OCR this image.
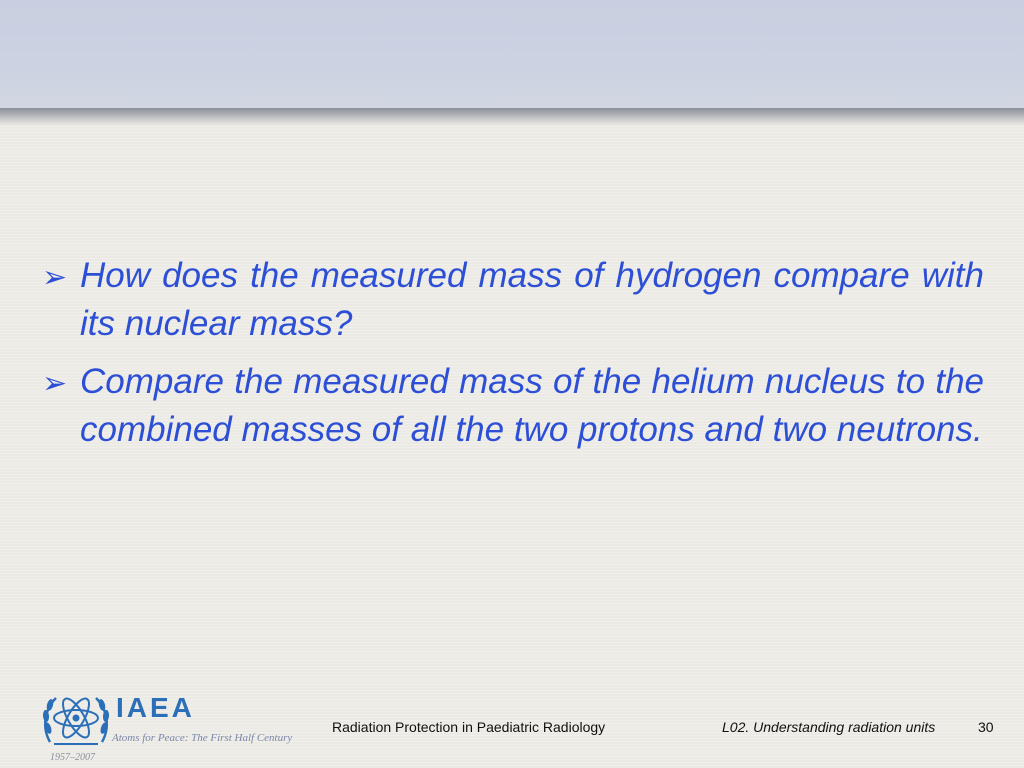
➢ How does the measured mass of hydrogen compare with its nuclear mass?
➢ Compare the measured mass of the helium nucleus to the combined masses of all the two protons and two neutrons.
IAEA
Atoms for Peace: The First Half Century
1957–2007
Radiation Protection in Paediatric Radiology	L02. Understanding radiation units	30
